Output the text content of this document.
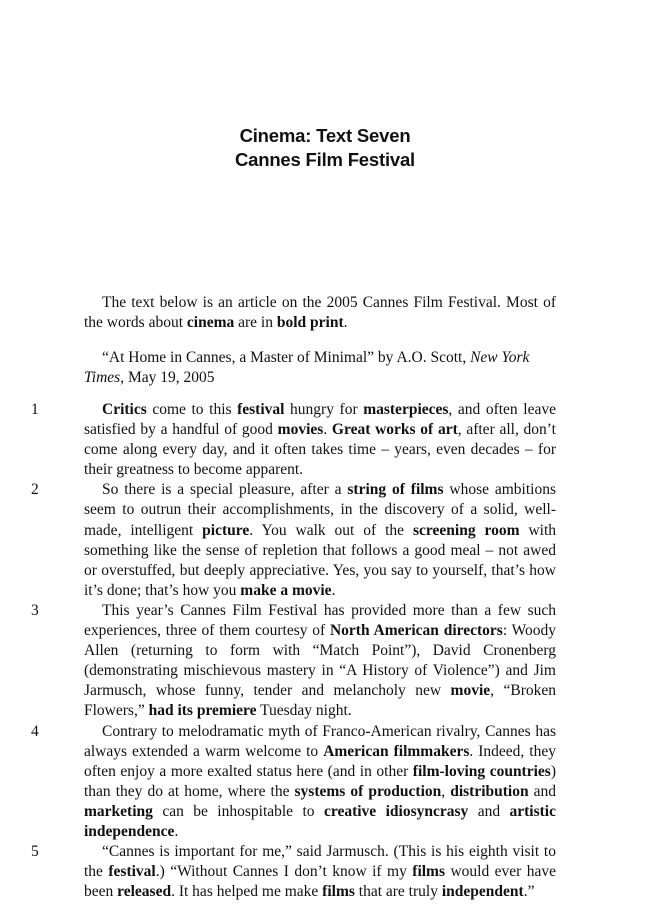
Cinema: Text Seven
Cannes Film Festival

The text below is an article on the 2005 Cannes Film Festival. Most of the words about cinema are in bold print.

“At Home in Cannes, a Master of Minimal” by A.O. Scott, New York Times, May 19, 2005

1	Critics come to this festival hungry for masterpieces, and often leave satisfied by a handful of good movies. Great works of art, after all, don’t come along every day, and it often takes time – years, even decades – for their greatness to become apparent.

2	So there is a special pleasure, after a string of films whose ambitions seem to outrun their accomplishments, in the discovery of a solid, well-made, intelligent picture. You walk out of the screening room with something like the sense of repletion that follows a good meal – not awed or overstuffed, but deeply appreciative. Yes, you say to yourself, that’s how it’s done; that’s how you make a movie.

3	This year’s Cannes Film Festival has provided more than a few such experiences, three of them courtesy of North American directors: Woody Allen (returning to form with “Match Point”), David Cronenberg (demonstrating mischievous mastery in “A History of Violence”) and Jim Jarmusch, whose funny, tender and melancholy new movie, “Broken Flowers,” had its premiere Tuesday night.

4	Contrary to melodramatic myth of Franco-American rivalry, Cannes has always extended a warm welcome to American filmmakers. Indeed, they often enjoy a more exalted status here (and in other film-loving countries) than they do at home, where the systems of production, distribution and marketing can be inhospitable to creative idiosyncrasy and artistic independence.

5	“Cannes is important for me,” said Jarmusch. (This is his eighth visit to the festival.) “Without Cannes I don’t know if my films would ever have been released. It has helped me make films that are truly independent.”
